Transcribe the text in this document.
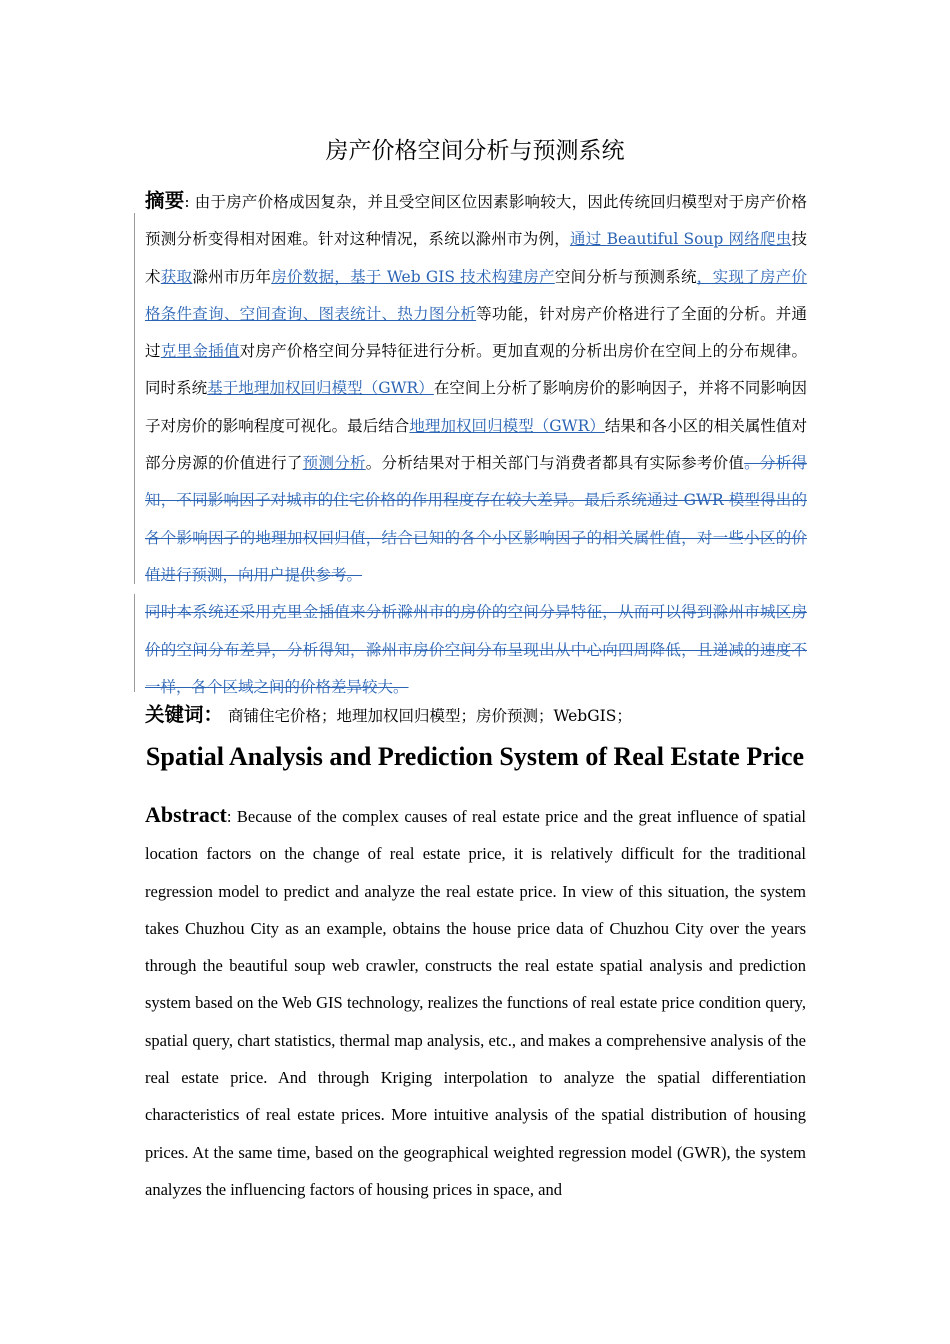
房产价格空间分析与预测系统
摘要: 由于房产价格成因复杂，并且受空间区位因素影响较大，因此传统回归模型对于房产价格预测分析变得相对困难。针对这种情况，系统以滁州市为例，通过 Beautiful Soup 网络爬虫技术获取滁州市历年房价数据，基于 Web GIS 技术构建房产空间分析与预测系统，实现了房产价格条件查询、空间查询、图表统计、热力图分析等功能，针对房产价格进行了全面的分析。并通过克里金插值对房产价格空间分异特征进行分析。更加直观的分析出房价在空间上的分布规律。同时系统基于地理加权回归模型（GWR）在空间上分析了影响房价的影响因子，并将不同影响因子对房价的影响程度可视化。最后结合地理加权回归模型（GWR）结果和各小区的相关属性值对部分房源的价值进行了预测分析。分析结果对于相关部门与消费者都具有实际参考价值。分析得知，不同影响因子对城市的住宅价格的作用程度存在较大差异。最后系统通过 GWR 模型得出的各个影响因子的地理加权回归值，结合已知的各个小区影响因子的相关属性值，对一些小区的价值进行预测，向用户提供参考。
同时本系统还采用克里金插值来分析滁州市的房价的空间分异特征，从而可以得到滁州市城区房价的空间分布差异，分析得知，滁州市房价空间分布呈现出从中心向四周降低，且递减的速度不一样，各个区域之间的价格差异较大。
关键词： 商铺住宅价格；地理加权回归模型；房价预测；WebGIS；
Spatial Analysis and Prediction System of Real Estate Price
Abstract: Because of the complex causes of real estate price and the great influence of spatial location factors on the change of real estate price, it is relatively difficult for the traditional regression model to predict and analyze the real estate price. In view of this situation, the system takes Chuzhou City as an example, obtains the house price data of Chuzhou City over the years through the beautiful soup web crawler, constructs the real estate spatial analysis and prediction system based on the Web GIS technology, realizes the functions of real estate price condition query, spatial query, chart statistics, thermal map analysis, etc., and makes a comprehensive analysis of the real estate price. And through Kriging interpolation to analyze the spatial differentiation characteristics of real estate prices. More intuitive analysis of the spatial distribution of housing prices. At the same time, based on the geographical weighted regression model (GWR), the system analyzes the influencing factors of housing prices in space, and
